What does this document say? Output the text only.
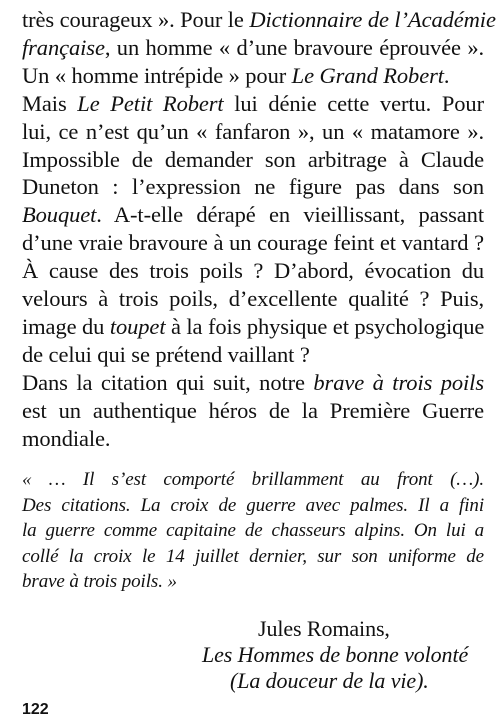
très courageux ». Pour le Dictionnaire de l’Académie
française, un homme « d’une bravoure éprouvée ».
Un « homme intrépide » pour Le Grand Robert.
Mais Le Petit Robert lui dénie cette vertu. Pour
lui, ce n’est qu’un « fanfaron », un « matamore ».
Impossible de demander son arbitrage à Claude
Duneton : l’expression ne figure pas dans son
Bouquet. A-t-elle dérapé en vieillissant, passant
d’une vraie bravoure à un courage feint et vantard ?
À cause des trois poils ? D’abord, évocation du
velours à trois poils, d’excellente qualité ? Puis,
image du toupet à la fois physique et psychologique
de celui qui se prétend vaillant ?
Dans la citation qui suit, notre brave à trois poils
est un authentique héros de la Première Guerre
mondiale.
« … Il s’est comporté brillamment au front (…).
Des citations. La croix de guerre avec palmes. Il a fini
la guerre comme capitaine de chasseurs alpins. On lui a
collé la croix le 14 juillet dernier, sur son uniforme de
brave à trois poils. »
Jules Romains,
Les Hommes de bonne volonté
(La douceur de la vie).
122
